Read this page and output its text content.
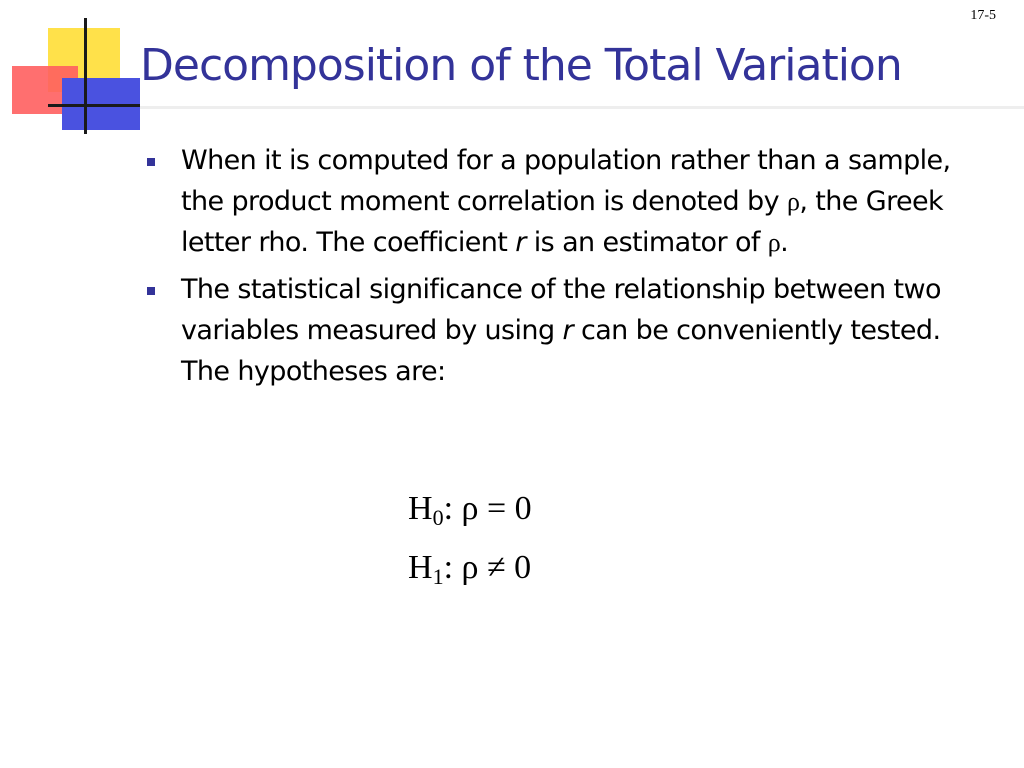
17-5
Decomposition of the Total Variation
When it is computed for a population rather than a sample, the product moment correlation is denoted by ρ, the Greek letter rho. The coefficient r is an estimator of ρ.
The statistical significance of the relationship between two variables measured by using r can be conveniently tested. The hypotheses are:
$H_0$: ρ = 0
$H_1$: ρ ≠ 0
